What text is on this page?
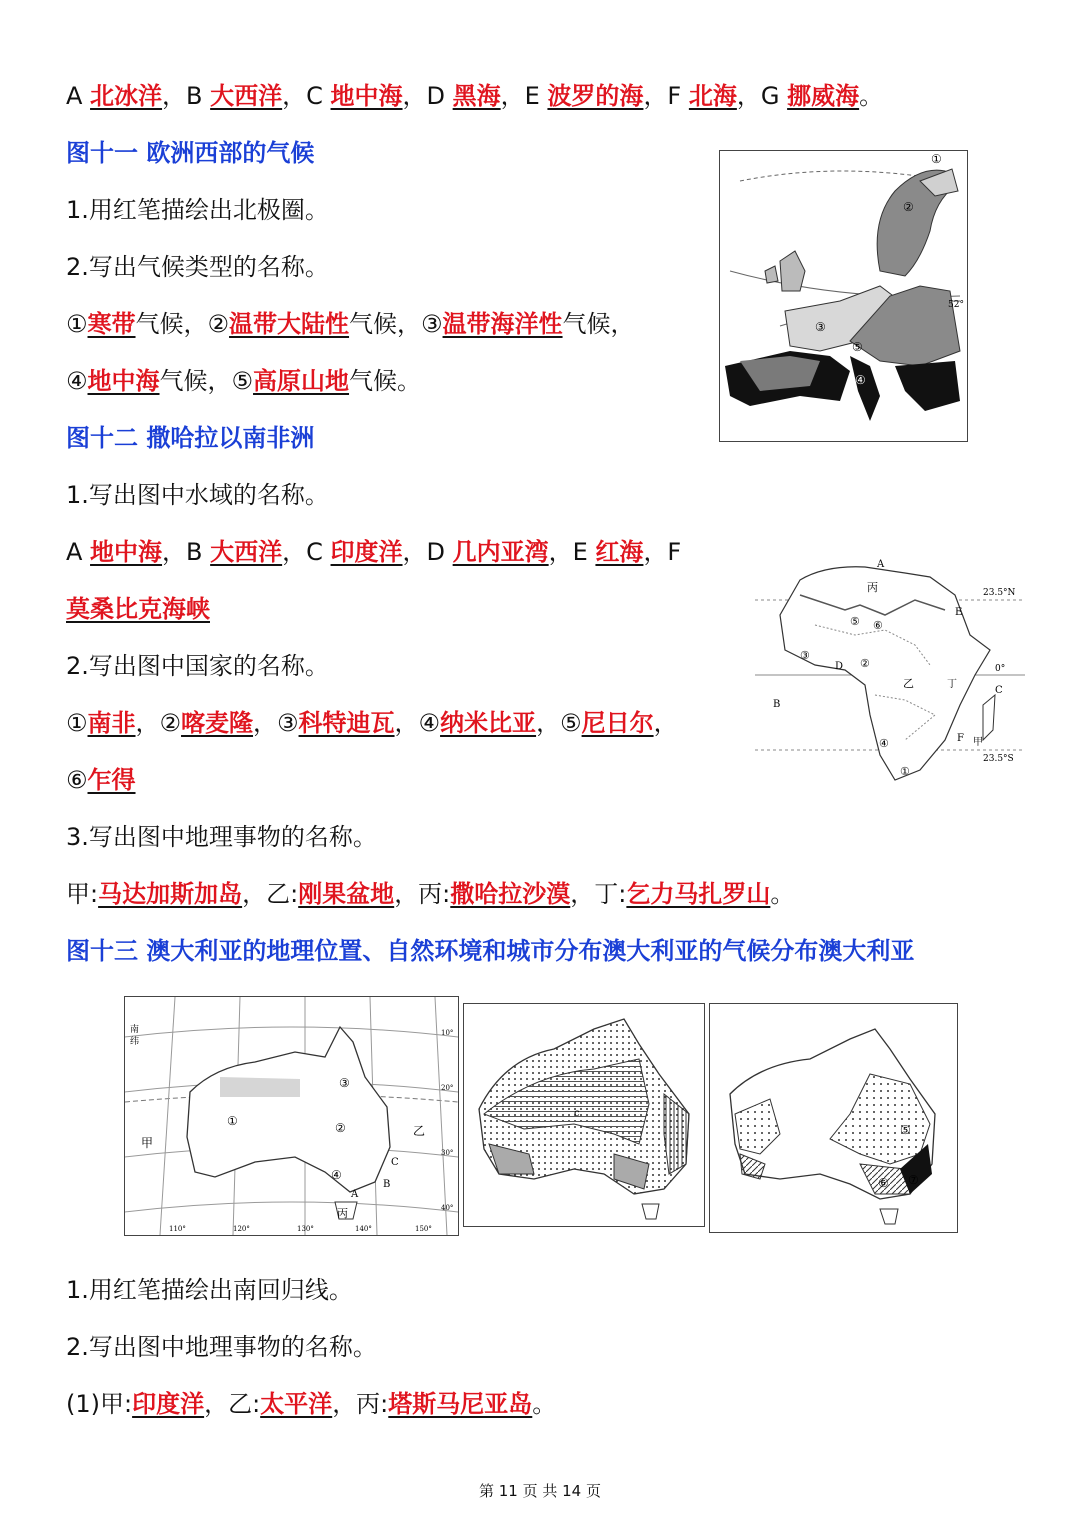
A 北冰洋，B 大西洋，C 地中海，D 黑海，E 波罗的海，F 北海，G 挪威海。
图十一 欧洲西部的气候
1.用红笔描绘出北极圈。
2.写出气候类型的名称。
①寒带气候，②温带大陆性气候，③温带海洋性气候，
④地中海气候，⑤高原山地气候。
①
②
③
④
⑤
52°
图十二 撒哈拉以南非洲
1.写出图中水域的名称。
A 地中海，B 大西洋，C 印度洋，D 几内亚湾，E 红海，F
莫桑比克海峡
2.写出图中国家的名称。
①南非，②喀麦隆，③科特迪瓦，④纳米比亚，⑤尼日尔，
⑥乍得
3.写出图中地理事物的名称。
甲:马达加斯加岛，乙:刚果盆地，丙:撒哈拉沙漠，丁:乞力马扎罗山。
A
B
C
D
E
F
23.5°N
0°
23.5°S
丙
乙
甲
丁
①
②
③
④
⑤ ⑥
图十三 澳大利亚的地理位置、自然环境和城市分布澳大利亚的气候分布澳大利亚
甲
乙
丙
①	②
③
④
A
B
C
南
纬
110°	120°	130°	140°	150°
10°
20°
30°
40°
c
⑤
⑥ ⑦
1.用红笔描绘出南回归线。
2.写出图中地理事物的名称。
(1)甲:印度洋，乙:太平洋，丙:塔斯马尼亚岛。
第 11 页 共 14 页
